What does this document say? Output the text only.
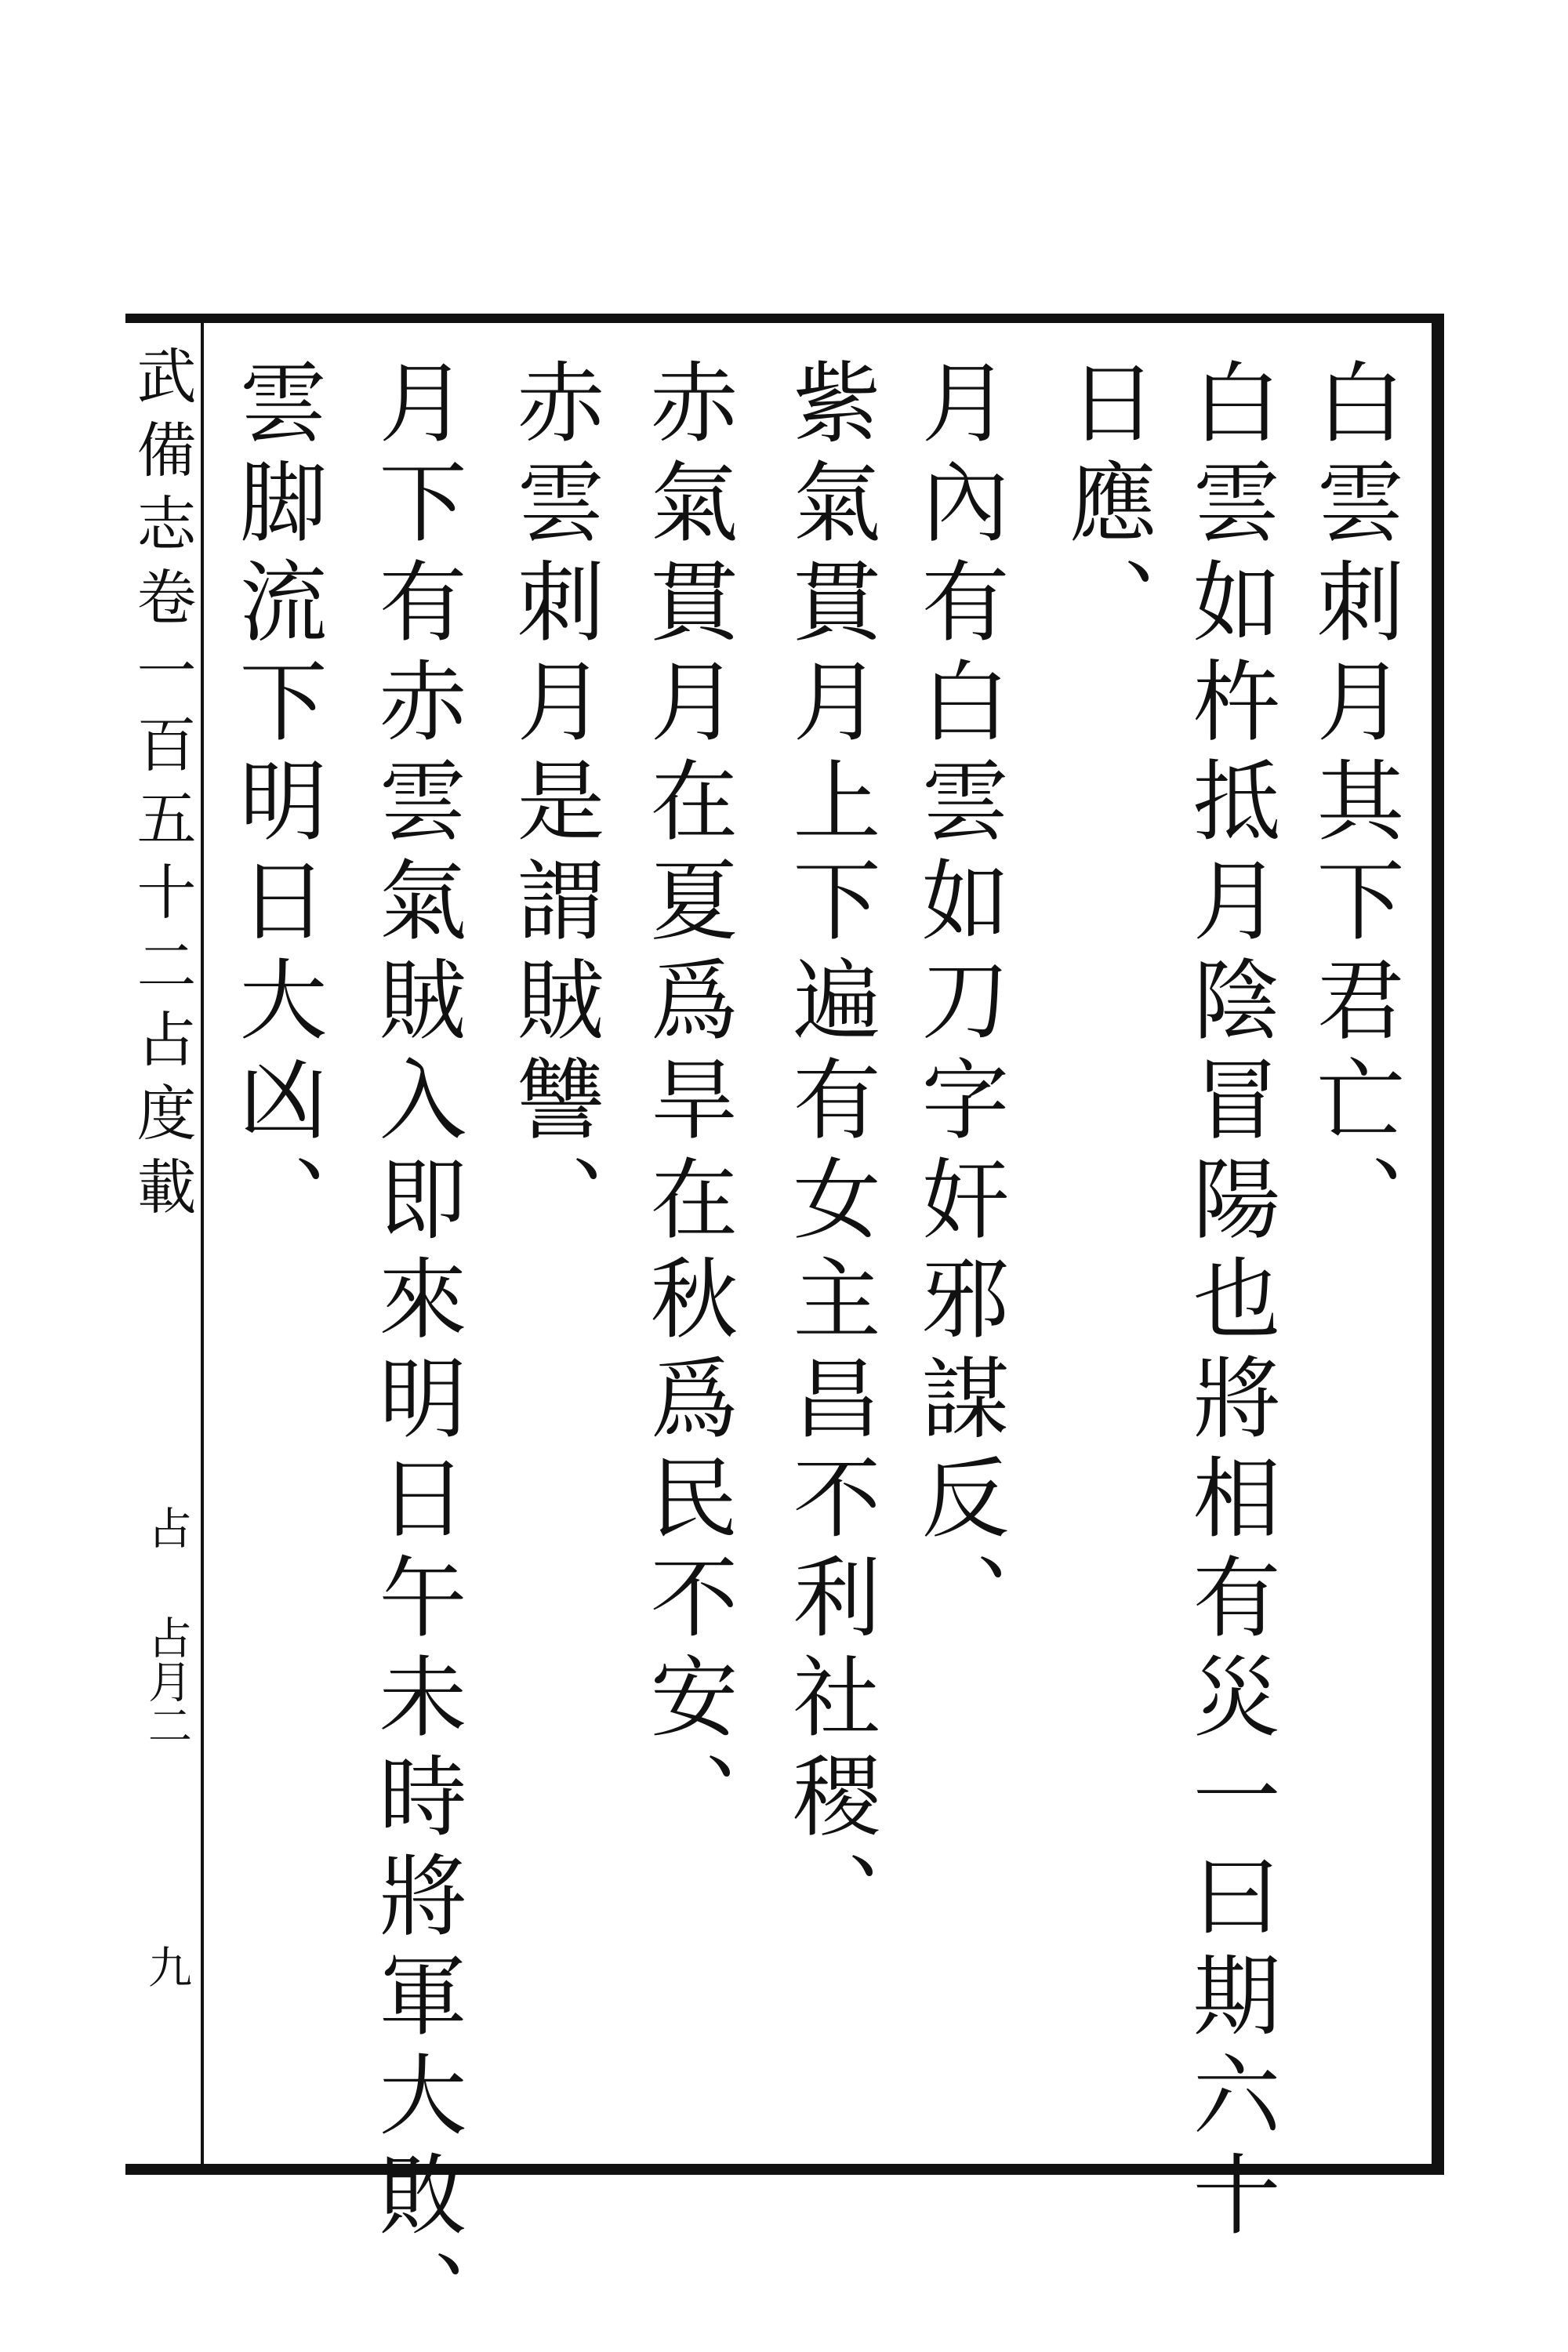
白雲刺月其下君亡、
白雲如杵抵月陰冒陽也將相有災一曰期六十
日應、
月內有白雲如刀字奸邪謀反、
紫氣貫月上下遍有女主昌不利社稷、
赤氣貫月在夏爲旱在秋爲民不安、
赤雲刺月是謂賊讐、
月下有赤雲氣賊入即來明日午未時將軍大敗、
雲脚流下明日大凶、
武備志卷一百五十二占度載
占
占月二
九
